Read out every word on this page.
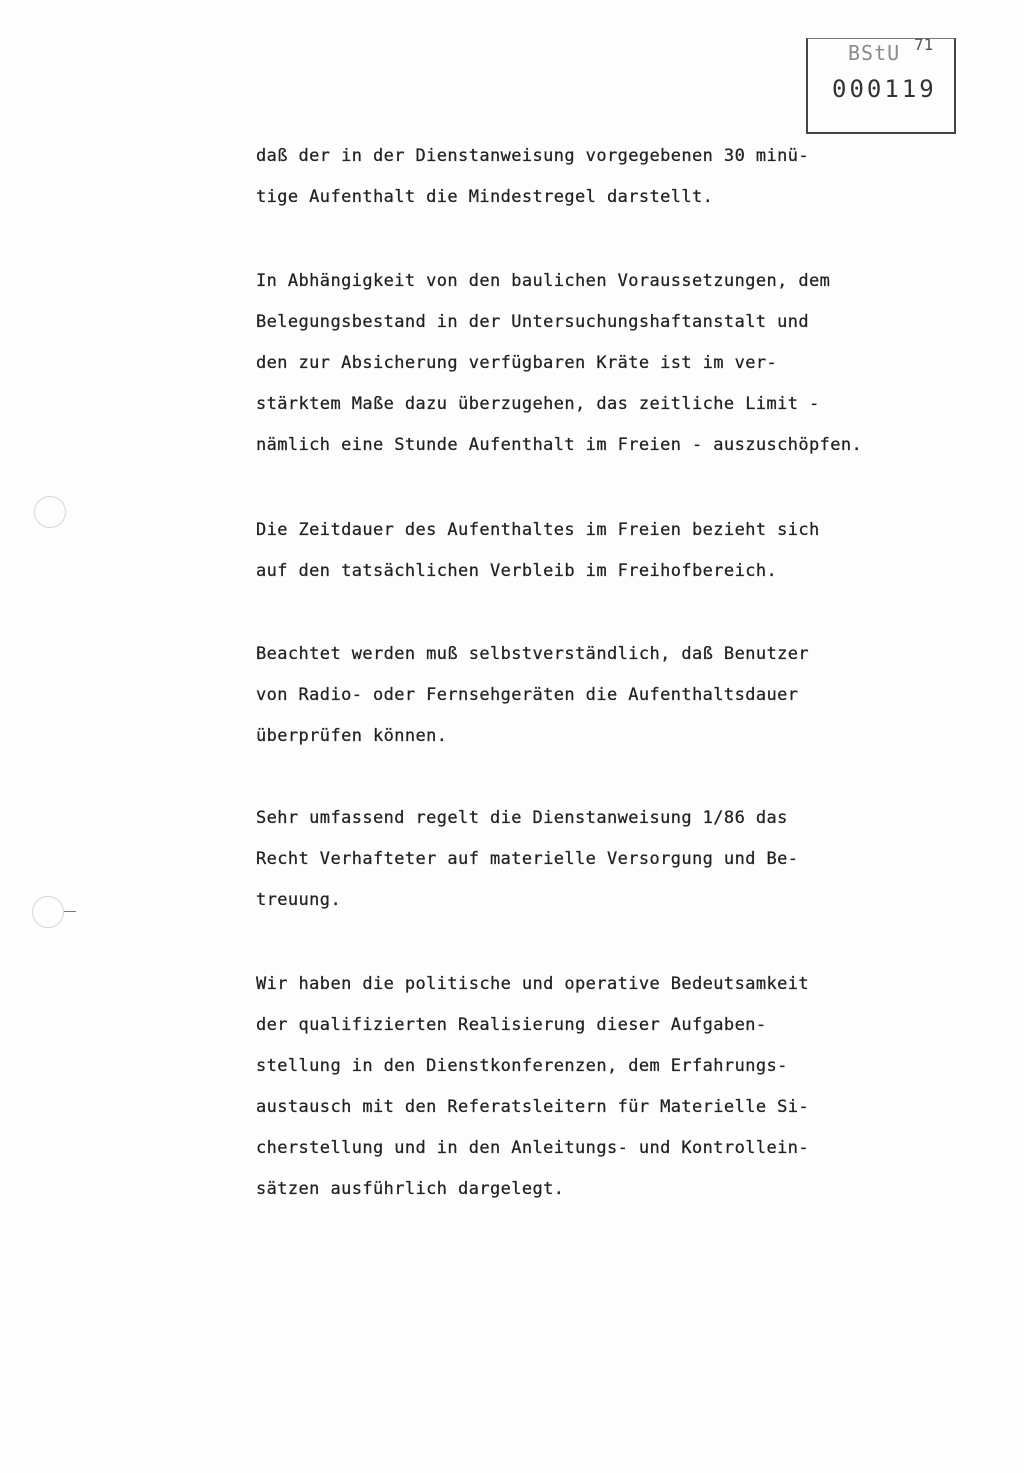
BStU 71
000119
daß der in der Dienstanweisung vorgegebenen 30 minü-
tige Aufenthalt die Mindestregel darstellt.
In Abhängigkeit von den baulichen Voraussetzungen, dem
Belegungsbestand in der Untersuchungshaftanstalt und
den zur Absicherung verfügbaren Kräte ist im ver-
stärktem Maße dazu überzugehen, das zeitliche Limit -
nämlich eine Stunde Aufenthalt im Freien - auszuschöpfen.
Die Zeitdauer des Aufenthaltes im Freien bezieht sich
auf den tatsächlichen Verbleib im Freihofbereich.
Beachtet werden muß selbstverständlich, daß Benutzer
von Radio- oder Fernsehgeräten die Aufenthaltsdauer
überprüfen können.
Sehr umfassend regelt die Dienstanweisung 1/86 das
Recht Verhafteter auf materielle Versorgung und Be-
treuung.
Wir haben die politische und operative Bedeutsamkeit
der qualifizierten Realisierung dieser Aufgaben-
stellung in den Dienstkonferenzen, dem Erfahrungs-
austausch mit den Referatsleitern für Materielle Si-
cherstellung und in den Anleitungs- und Kontrollein-
sätzen ausführlich dargelegt.
